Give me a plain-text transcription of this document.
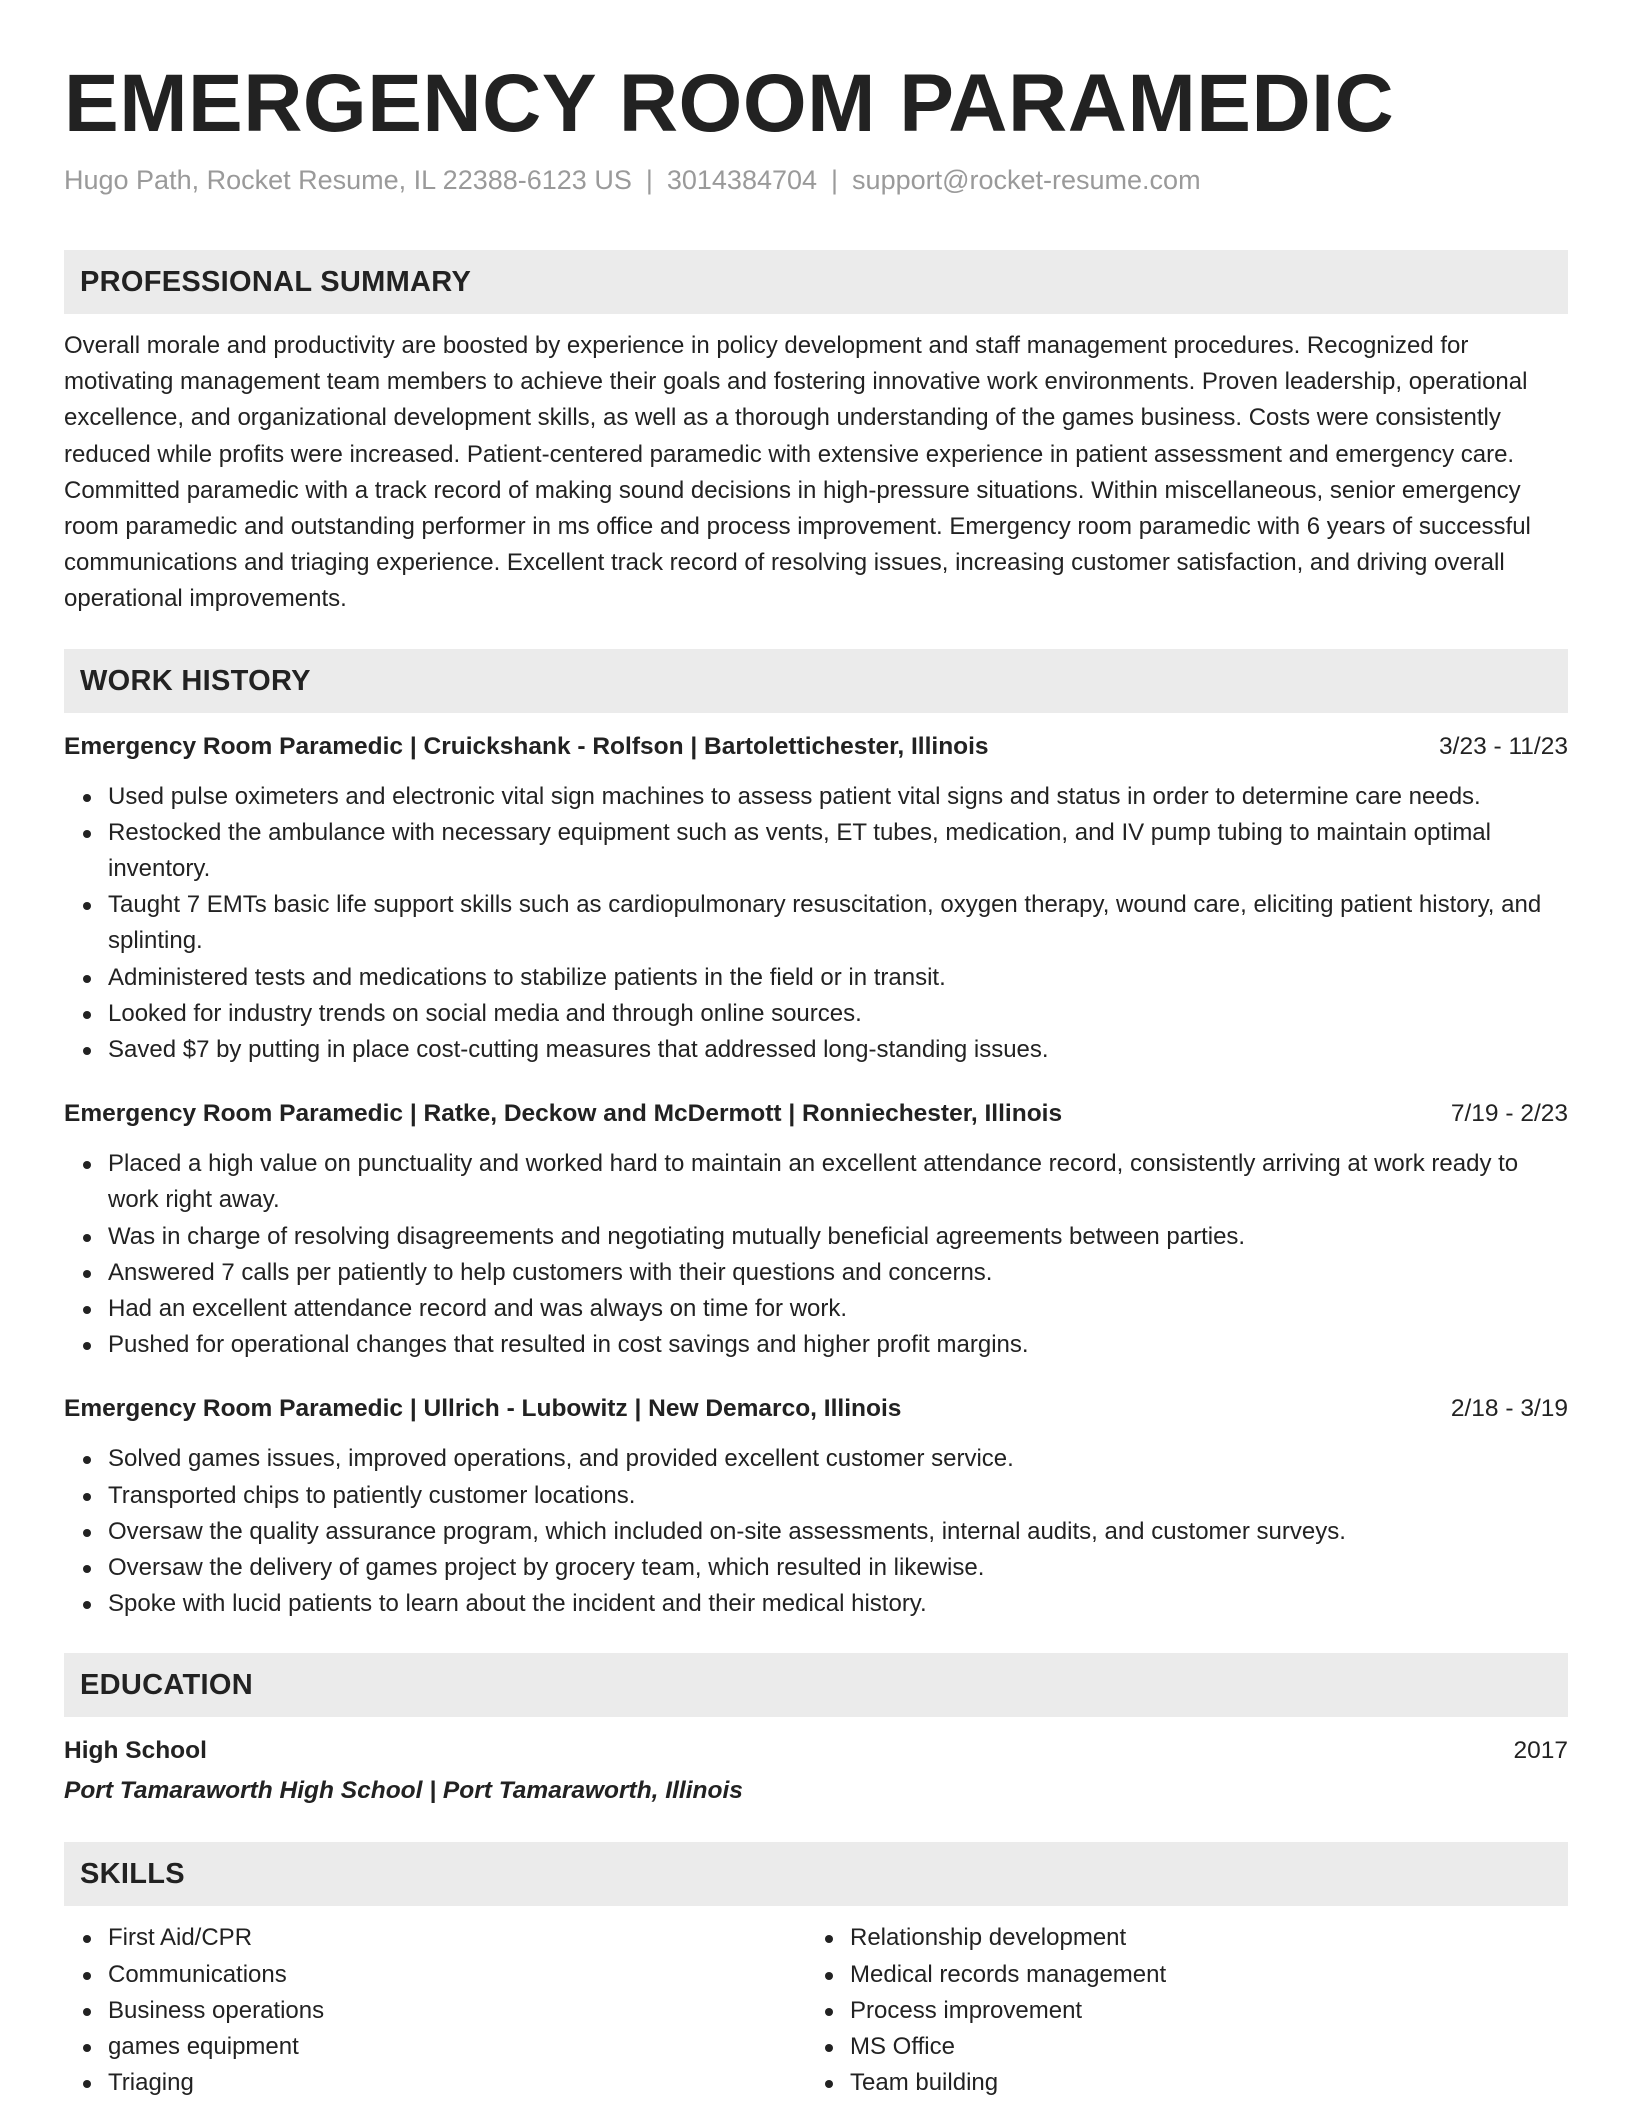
EMERGENCY ROOM PARAMEDIC
Hugo Path, Rocket Resume, IL 22388-6123 US | 3014384704 | support@rocket-resume.com
PROFESSIONAL SUMMARY
Overall morale and productivity are boosted by experience in policy development and staff management procedures. Recognized for motivating management team members to achieve their goals and fostering innovative work environments. Proven leadership, operational excellence, and organizational development skills, as well as a thorough understanding of the games business. Costs were consistently reduced while profits were increased. Patient-centered paramedic with extensive experience in patient assessment and emergency care. Committed paramedic with a track record of making sound decisions in high-pressure situations. Within miscellaneous, senior emergency room paramedic and outstanding performer in ms office and process improvement. Emergency room paramedic with 6 years of successful communications and triaging experience. Excellent track record of resolving issues, increasing customer satisfaction, and driving overall operational improvements.
WORK HISTORY
Emergency Room Paramedic | Cruickshank - Rolfson | Bartoletticheste﻿r, Illinois	3/23 - 11/23
Used pulse oximeters and electronic vital sign machines to assess patient vital signs and status in order to determine care needs.
Restocked the ambulance with necessary equipment such as vents, ET tubes, medication, and IV pump tubing to maintain optimal inventory.
Taught 7 EMTs basic life support skills such as cardiopulmonary resuscitation, oxygen therapy, wound care, eliciting patient history, and splinting.
Administered tests and medications to stabilize patients in the field or in transit.
Looked for industry trends on social media and through online sources.
Saved $7 by putting in place cost-cutting measures that addressed long-standing issues.
Emergency Room Paramedic | Ratke, Deckow and McDermott | Ronniechester, Illinois	7/19 - 2/23
Placed a high value on punctuality and worked hard to maintain an excellent attendance record, consistently arriving at work ready to work right away.
Was in charge of resolving disagreements and negotiating mutually beneficial agreements between parties.
Answered 7 calls per patiently to help customers with their questions and concerns.
Had an excellent attendance record and was always on time for work.
Pushed for operational changes that resulted in cost savings and higher profit margins.
Emergency Room Paramedic | Ullrich - Lubowitz | New Demarco, Illinois	2/18 - 3/19
Solved games issues, improved operations, and provided excellent customer service.
Transported chips to patiently customer locations.
Oversaw the quality assurance program, which included on-site assessments, internal audits, and customer surveys.
Oversaw the delivery of games project by grocery team, which resulted in likewise.
Spoke with lucid patients to learn about the incident and their medical history.
EDUCATION
High School	2017
Port Tamaraworth High School | Port Tamaraworth, Illinois
SKILLS
First Aid/CPR
Communications
Business operations
games equipment
Triaging
Relationship development
Medical records management
Process improvement
MS Office
Team building
